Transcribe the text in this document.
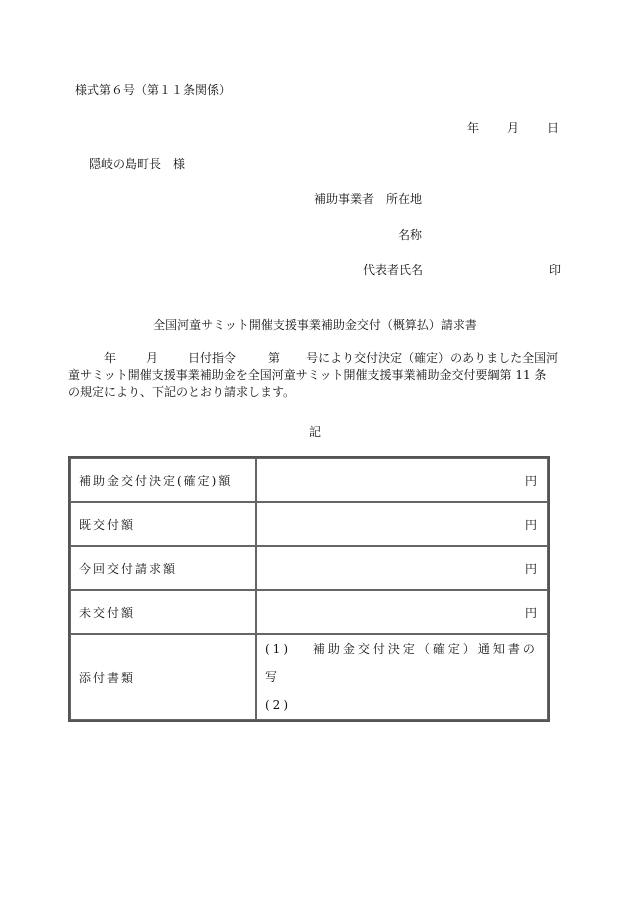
様式第６号（第１１条関係）
年 月 日
隠岐の島町長　様
補助事業者　 所在地
名称
代表者氏名	印
全国河童サミット開催支援事業補助金交付（概算払）請求書
年	月	日付指令	第 号により交付決定（確定）のありました全国河
童サミット開催支援事業補助金を全国河童サミット開催支援事業補助金交付要綱第 11 条
の規定により、下記のとおり請求します。
記
補助金交付決定(確定)額	円
既交付額	円
今回交付請求額	円
未交付額	円
添付書類	(1)　 補助金交付決定（確定）通知書の写
(2)
